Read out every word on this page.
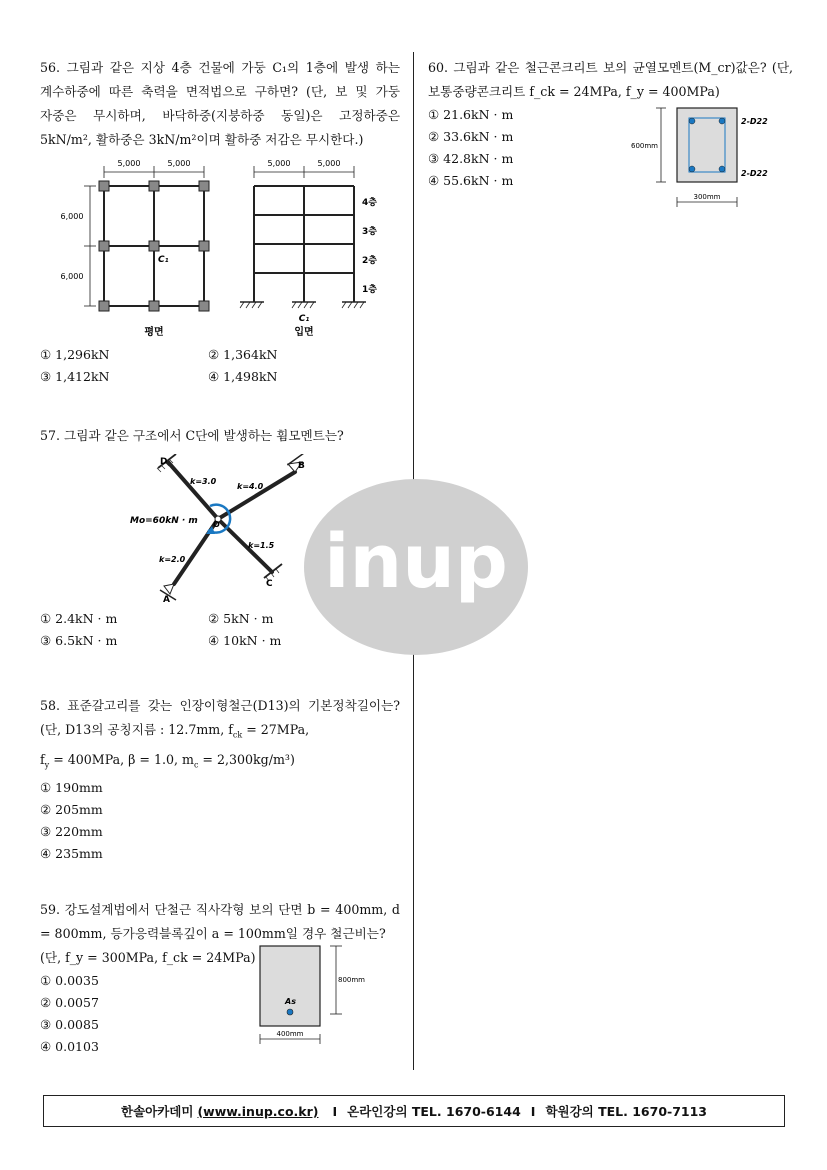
inup
56. 그림과 같은 지상 4층 건물에 가둥 C₁의 1층에 발생 하는 계수하중에 따른 축력을 면적법으로 구하면? (단, 보 및 가둥 자중은 무시하며, 바닥하중(지붕하중 동일)은 고정하중은 5kN/m², 활하중은 3kN/m²이며 활하중 저감은 무시한다.)
5,000	5,000
6,000
6,000
C₁
평면
5,000	5,000
4층
3층
2층
1층
C₁
입면
① 1,296kN	② 1,364kN
③ 1,412kN	④ 1,498kN
57. 그림과 같은 구조에서 C단에 발생하는 휨모멘트는?
D	B
C
A
O
k=3.0
k=4.0
k=1.5
k=2.0
Mo=60kN · m
① 2.4kN · m	② 5kN · m
③ 6.5kN · m	④ 10kN · m
58. 표준갈고리를 갖는 인장이형철근(D13)의 기본정착길이는? (단, D13의 공칭지름 : 12.7mm, $f_{ck} = 27MPa$,
$f_y = 400MPa$, β = 1.0, $m_c = 2,300kg/m^3$)
① 190mm
② 205mm
③ 220mm
④ 235mm
59. 강도설계법에서 단철근 직사각형 보의 단면 b = 400mm, d = 800mm, 등가응력블록깊이 a = 100mm일 경우 철근비는?
(단, f_y = 300MPa, f_ck = 24MPa)
① 0.0035
② 0.0057
③ 0.0085
④ 0.0103
As
800mm
400mm
60. 그림과 같은 철근콘크리트 보의 균열모멘트(M_cr)값은? (단, 보통중량콘크리트 f_ck = 24MPa, f_y = 400MPa)
① 21.6kN · m
② 33.6kN · m
③ 42.8kN · m
④ 55.6kN · m
600mm
2-D22
2-D22
300mm
한솔아카데미 (www.inup.co.kr) I 온라인강의 TEL. 1670-6144 I 학원강의 TEL. 1670-7113
